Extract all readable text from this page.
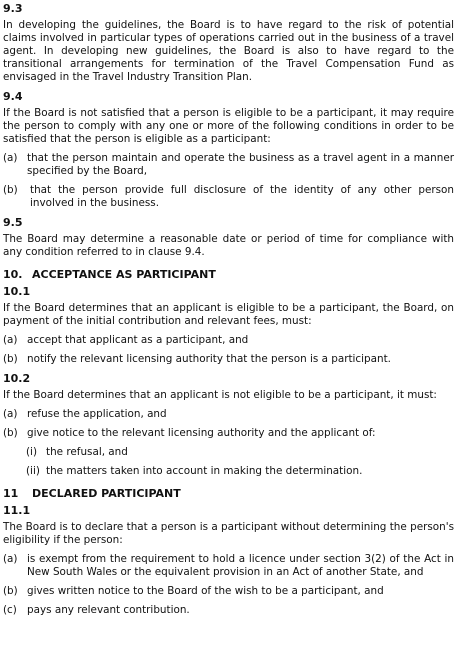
9.3

In developing the guidelines, the Board is to have regard to the risk of potential claims involved in particular types of operations carried out in the business of a travel agent. In developing new guidelines, the Board is also to have regard to the transitional arrangements for termination of the Travel Compensation Fund as envisaged in the Travel Industry Transition Plan.

9.4

If the Board is not satisfied that a person is eligible to be a participant, it may require the person to comply with any one or more of the following conditions in order to be satisfied that the person is eligible as a participant:

(a) that the person maintain and operate the business as a travel agent in a manner specified by the Board,
(b)	that the person provide full disclosure of the identity of any other person involved in the business.
9.5

The Board may determine a reasonable date or period of time for compliance with any condition referred to in clause 9.4.

10. ACCEPTANCE AS PARTICIPANT
10.1

If the Board determines that an applicant is eligible to be a participant, the Board, on payment of the initial contribution and relevant fees, must:

(a) accept that applicant as a participant, and
(b) notify the relevant licensing authority that the person is a participant.
10.2

If the Board determines that an applicant is not eligible to be a participant, it must:

(a) refuse the application, and
(b) give notice to the relevant licensing authority and the applicant of:
(i) the refusal, and
(ii) the matters taken into account in making the determination.
11 DECLARED PARTICIPANT
11.1

The Board is to declare that a person is a participant without determining the person's eligibility if the person:

(a) is exempt from the requirement to hold a licence under section 3(2) of the Act in New South Wales or the equivalent provision in an Act of another State, and
(b) gives written notice to the Board of the wish to be a participant, and
(c) pays any relevant contribution.
